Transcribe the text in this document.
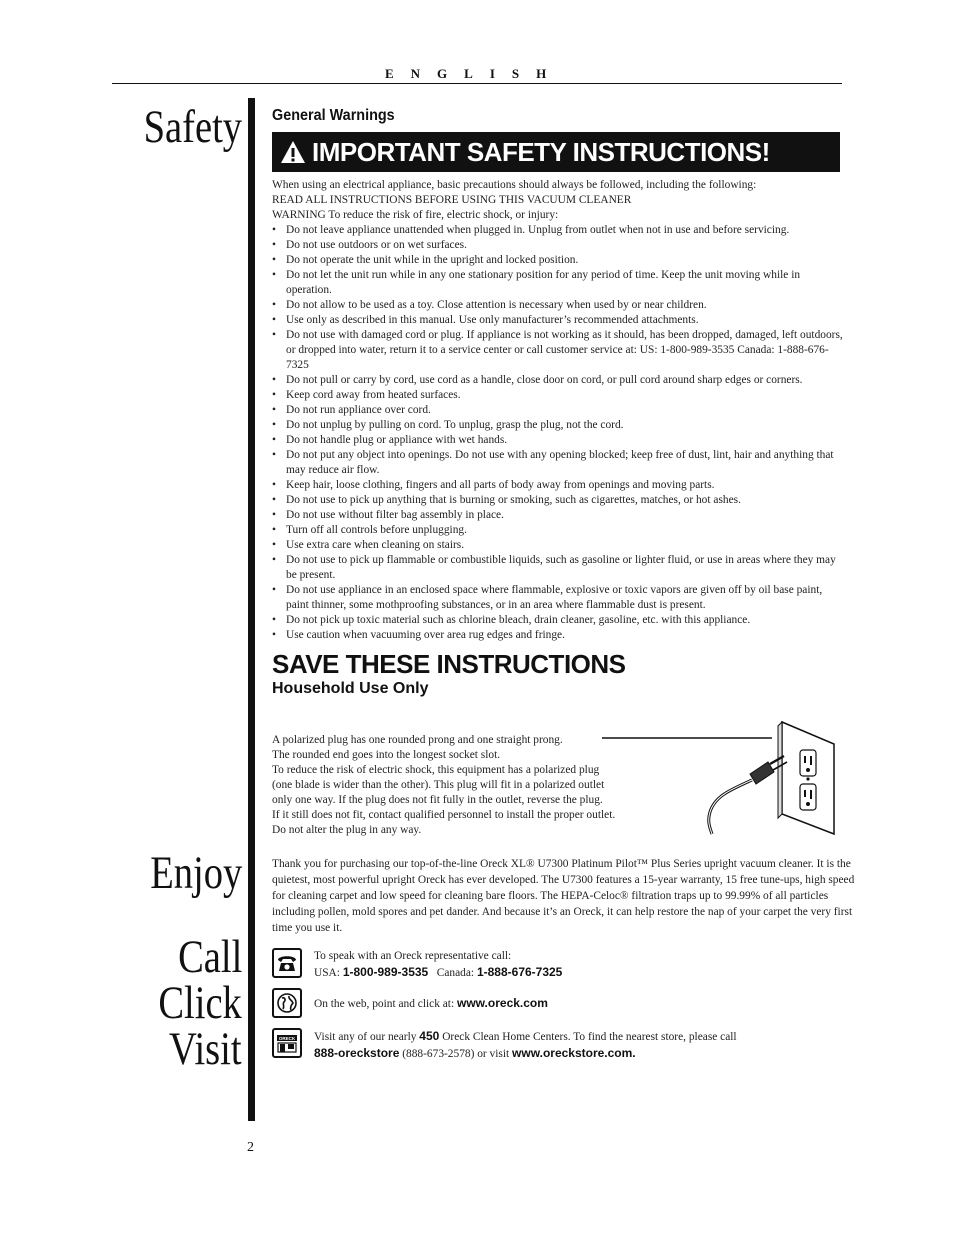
ENGLISH
Safety
Enjoy
Call
Click
Visit
General Warnings
IMPORTANT SAFETY INSTRUCTIONS!
When using an electrical appliance, basic precautions should always be followed, including the following:
READ ALL INSTRUCTIONS BEFORE USING THIS VACUUM CLEANER
WARNING To reduce the risk of fire, electric shock, or injury:
• Do not leave appliance unattended when plugged in. Unplug from outlet when not in use and before servicing.
• Do not use outdoors or on wet surfaces.
• Do not operate the unit while in the upright and locked position.
• Do not let the unit run while in any one stationary position for any period of time. Keep the unit moving while in operation.
• Do not allow to be used as a toy. Close attention is necessary when used by or near children.
• Use only as described in this manual. Use only manufacturer’s recommended attachments.
• Do not use with damaged cord or plug. If appliance is not working as it should, has been dropped, damaged, left outdoors, or dropped into water, return it to a service center or call customer service at: US: 1-800-989-3535 Canada: 1-888-676-7325
• Do not pull or carry by cord, use cord as a handle, close door on cord, or pull cord around sharp edges or corners.
• Keep cord away from heated surfaces.
• Do not run appliance over cord.
• Do not unplug by pulling on cord. To unplug, grasp the plug, not the cord.
• Do not handle plug or appliance with wet hands.
• Do not put any object into openings. Do not use with any opening blocked; keep free of dust, lint, hair and anything that may reduce air flow.
• Keep hair, loose clothing, fingers and all parts of body away from openings and moving parts.
• Do not use to pick up anything that is burning or smoking, such as cigarettes, matches, or hot ashes.
• Do not use without filter bag assembly in place.
• Turn off all controls before unplugging.
• Use extra care when cleaning on stairs.
• Do not use to pick up flammable or combustible liquids, such as gasoline or lighter fluid, or use in areas where they may be present.
• Do not use appliance in an enclosed space where flammable, explosive or toxic vapors are given off by oil base paint, paint thinner, some mothproofing substances, or in an area where flammable dust is present.
• Do not pick up toxic material such as chlorine bleach, drain cleaner, gasoline, etc. with this appliance.
• Use caution when vacuuming over area rug edges and fringe.
SAVE THESE INSTRUCTIONS
Household Use Only
A polarized plug has one rounded prong and one straight prong.
The rounded end goes into the longest socket slot.
To reduce the risk of electric shock, this equipment has a polarized plug
(one blade is wider than the other). This plug will fit in a polarized outlet
only one way. If the plug does not fit fully in the outlet, reverse the plug.
If it still does not fit, contact qualified personnel to install the proper outlet.
Do not alter the plug in any way.
Thank you for purchasing our top-of-the-line Oreck XL® U7300 Platinum Pilot™ Plus Series upright vacuum cleaner. It is the quietest, most powerful upright Oreck has ever developed. The U7300 features a 15-year warranty, 15 free tune-ups, high speed for cleaning carpet and low speed for cleaning bare floors. The HEPA-Celoc® filtration traps up to 99.99% of all particles including pollen, mold spores and pet dander. And because it’s an Oreck, it can help restore the nap of your carpet the very first time you use it.
To speak with an Oreck representative call:
USA: 1-800-989-3535 Canada: 1-888-676-7325
On the web, point and click at: www.oreck.com
ORECK Visit any of our nearly 450 Oreck Clean Home Centers. To find the nearest store, please call
888-oreckstore (888-673-2578) or visit www.oreckstore.com.
2
